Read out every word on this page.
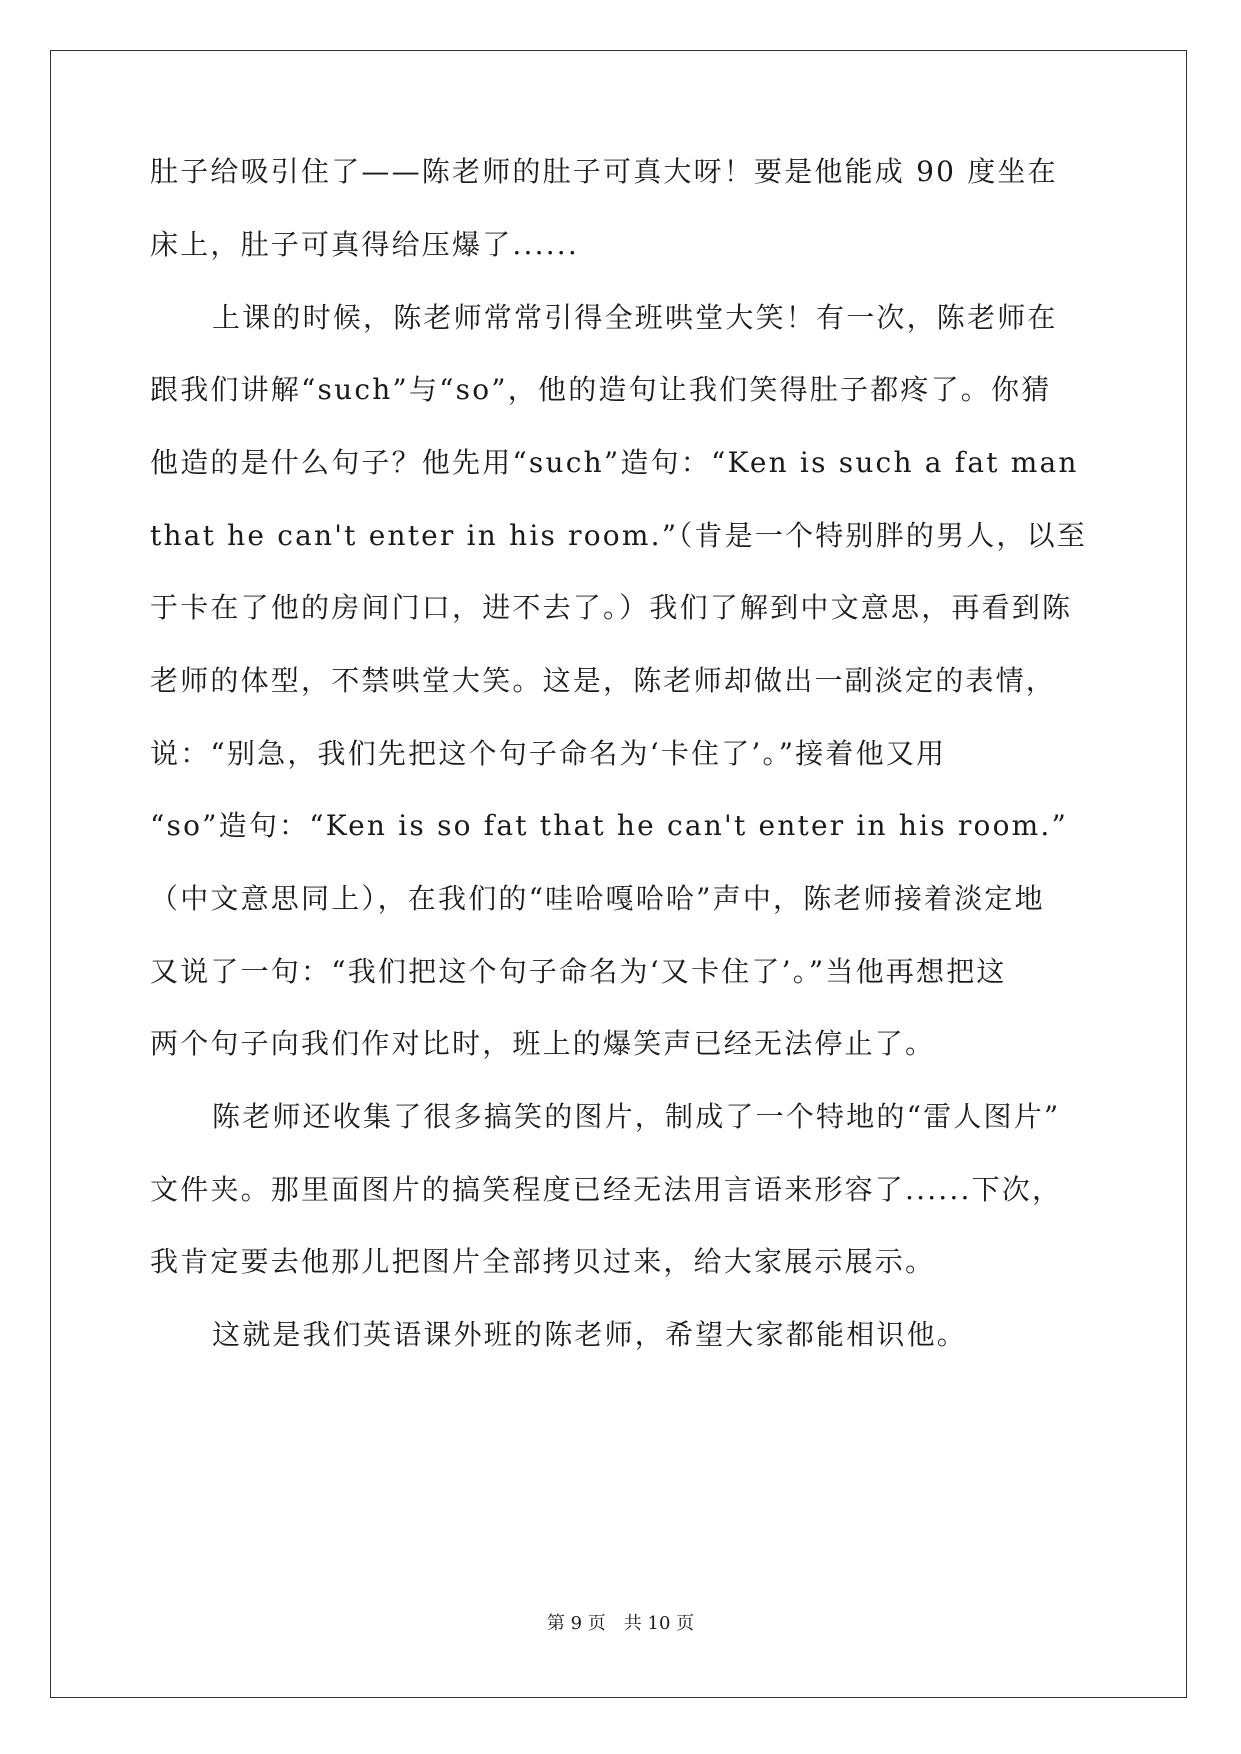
肚子给吸引住了——陈老师的肚子可真大呀！要是他能成 90 度坐在
床上，肚子可真得给压爆了......
上课的时候，陈老师常常引得全班哄堂大笑！有一次，陈老师在
跟我们讲解“such”与“so”，他的造句让我们笑得肚子都疼了。你猜
他造的是什么句子？他先用“such”造句：“Ken is such a fat man
that he can't enter in his room.”（肯是一个特别胖的男人，以至
于卡在了他的房间门口，进不去了。）我们了解到中文意思，再看到陈
老师的体型，不禁哄堂大笑。这是，陈老师却做出一副淡定的表情，
说：“别急，我们先把这个句子命名为‘卡住了’。”接着他又用
“so”造句：“Ken is so fat that he can't enter in his room.”
（中文意思同上），在我们的“哇哈嘎哈哈”声中，陈老师接着淡定地
又说了一句：“我们把这个句子命名为‘又卡住了’。”当他再想把这
两个句子向我们作对比时，班上的爆笑声已经无法停止了。
陈老师还收集了很多搞笑的图片，制成了一个特地的“雷人图片”
文件夹。那里面图片的搞笑程度已经无法用言语来形容了......下次，
我肯定要去他那儿把图片全部拷贝过来，给大家展示展示。
这就是我们英语课外班的陈老师，希望大家都能相识他。
第 9 页　共 10 页
